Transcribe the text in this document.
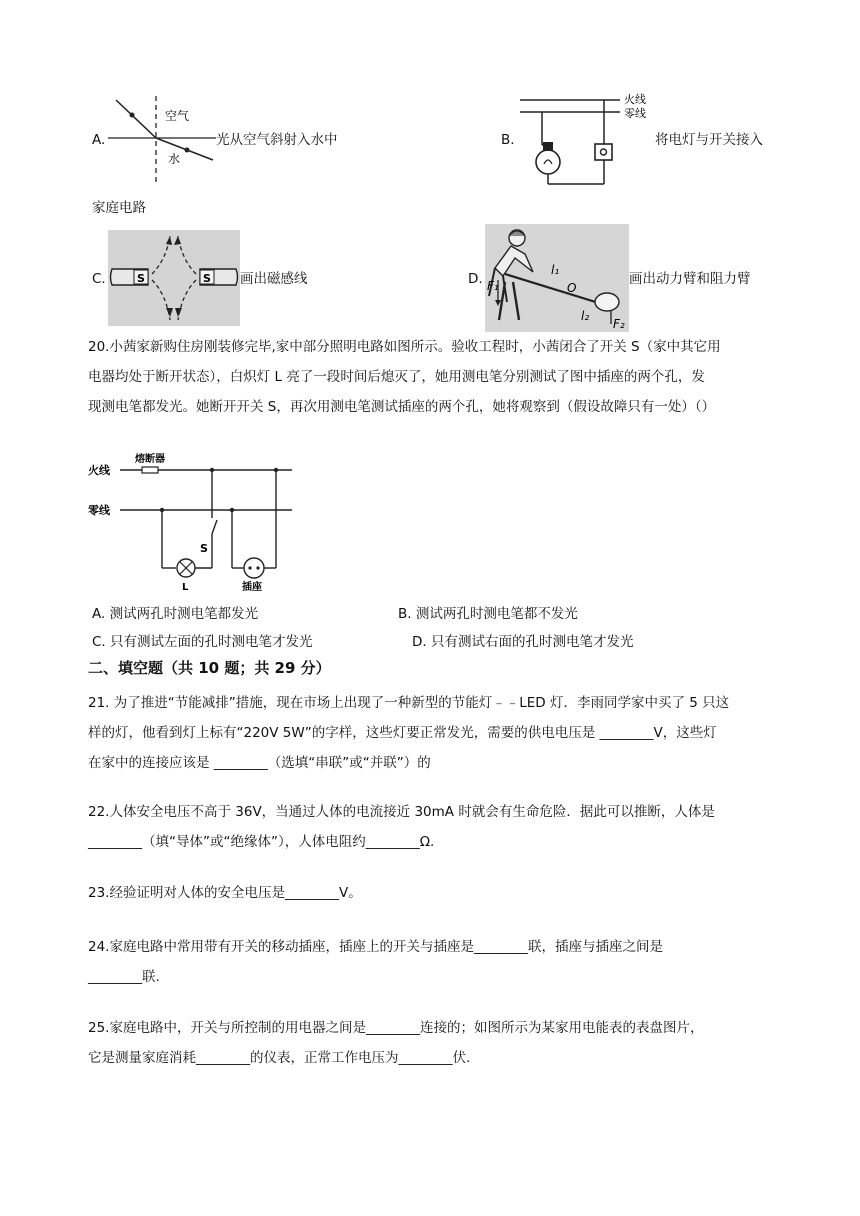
A.
空气
水
光从空气斜射入水中	B.
火线
零线
将电灯与开关接入
家庭电路
C.	S	S 画出磁感线	D. F₁
l₁
O
l₂
F₂
画出动力臂和阻力臂
20.小茜家新购住房刚装修完毕,家中部分照明电路如图所示。验收工程时，小茜闭合了开关 S（家中其它用
电器均处于断开状态），白炽灯 L 亮了一段时间后熄灭了，她用测电笔分别测试了图中插座的两个孔，发
现测电笔都发光。她断开开关 S，再次用测电笔测试插座的两个孔，她将观察到（假设故障只有一处）（）
火线
熔断器
零线
L
S
插座
A. 测试两孔时测电笔都发光	B. 测试两孔时测电笔都不发光
C. 只有测试左面的孔时测电笔才发光	D. 只有测试右面的孔时测电笔才发光
二、填空题（共 10 题；共 29 分）
21. 为了推进“节能减排”措施，现在市场上出现了一种新型的节能灯﹣﹣LED 灯．李雨同学家中买了 5 只这
样的灯，他看到灯上标有“220V 5W”的字样，这些灯要正常发光，需要的供电电压是 ________V，这些灯
在家中的连接应该是 ________（选填“串联”或“并联”）的
22.人体安全电压不高于 36V，当通过人体的电流接近 30mA 时就会有生命危险．据此可以推断，人体是
________（填“导体”或“绝缘体”），人体电阻约________Ω.
23.经验证明对人体的安全电压是________V。
24.家庭电路中常用带有开关的移动插座，插座上的开关与插座是________联，插座与插座之间是
________联.
25.家庭电路中，开关与所控制的用电器之间是________连接的；如图所示为某家用电能表的表盘图片，
它是测量家庭消耗________的仪表，正常工作电压为________伏.
